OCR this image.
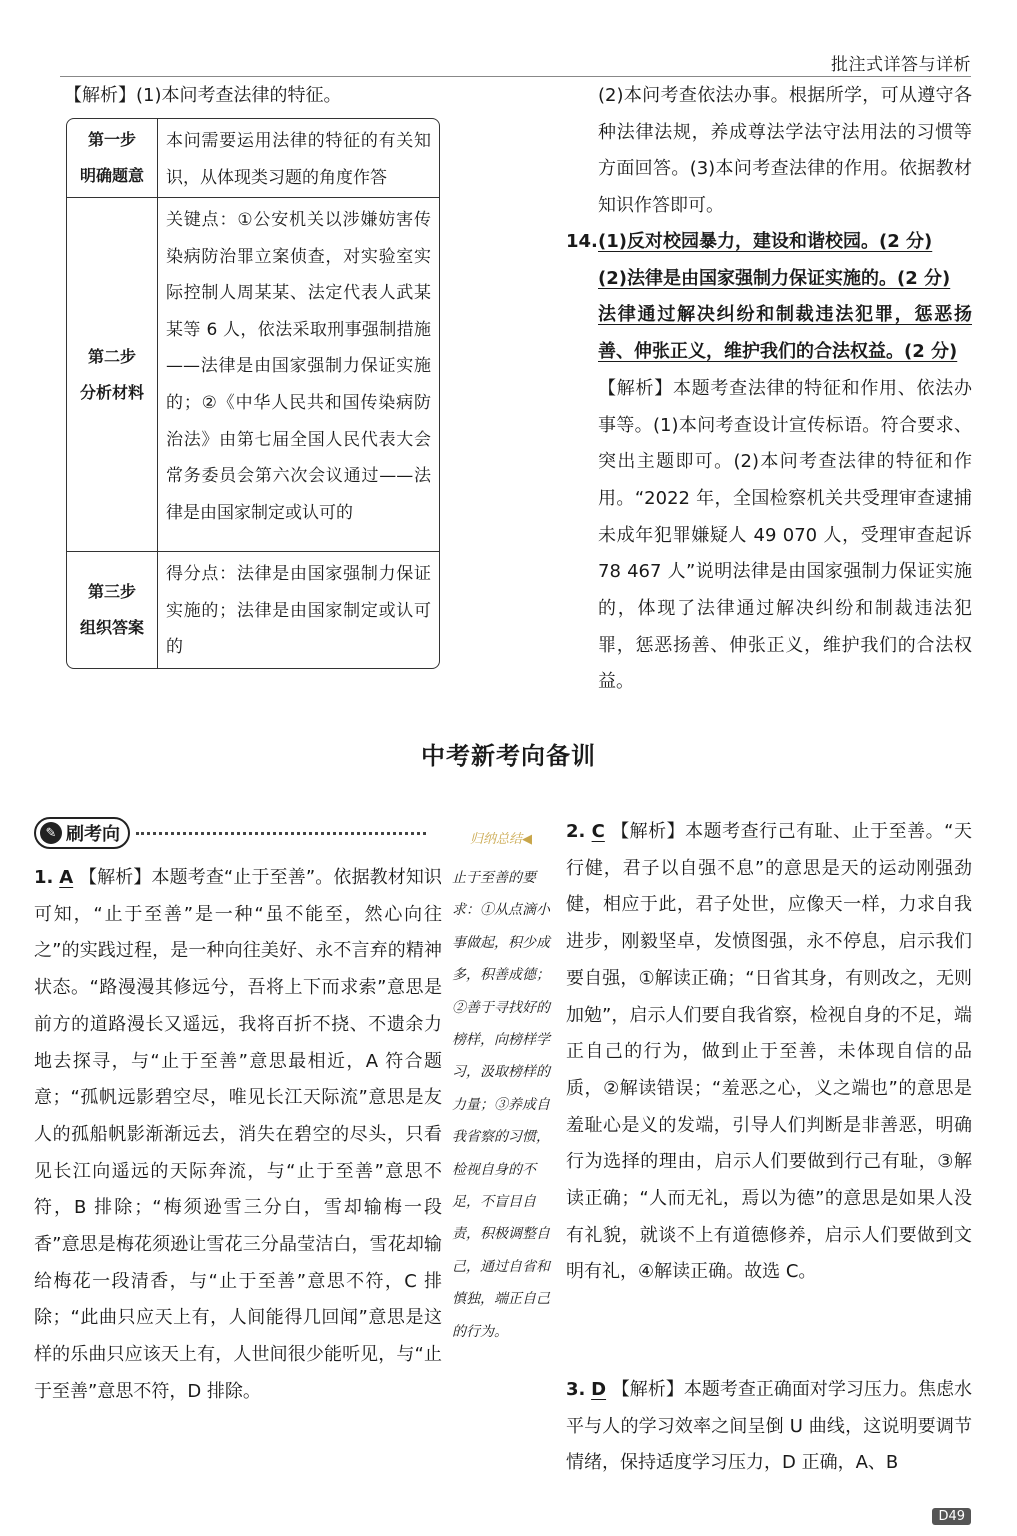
批注式详答与详析

【解析】(1)本问考查法律的特征。

第一步
明确题意
本问需要运用法律的特征的有关知识，从体现类习题的角度作答
第二步
分析材料
关键点：①公安机关以涉嫌妨害传染病防治罪立案侦查，对实验室实际控制人周某某、法定代表人武某某等 6 人，依法采取刑事强制措施——法律是由国家强制力保证实施的；②《中华人民共和国传染病防治法》由第七届全国人民代表大会常务委员会第六次会议通过——法律是由国家制定或认可的
第三步
组织答案
得分点：法律是由国家强制力保证实施的；法律是由国家制定或认可的

(2)本问考查依法办事。根据所学，可从遵守各种法律法规，养成尊法学法守法用法的习惯等方面回答。(3)本问考查法律的作用。依据教材知识作答即可。

14. (1)反对校园暴力，建设和谐校园。(2 分)
(2)法律是由国家强制力保证实施的。(2 分)
法律通过解决纠纷和制裁违法犯罪，惩恶扬善、伸张正义，维护我们的合法权益。(2 分)

【解析】本题考查法律的特征和作用、依法办事等。(1)本问考查设计宣传标语。符合要求、突出主题即可。(2)本问考查法律的特征和作用。“2022 年，全国检察机关共受理审查逮捕未成年犯罪嫌疑人 49 070 人，受理审查起诉 78 467 人”说明法律是由国家强制力保证实施的，体现了法律通过解决纠纷和制裁违法犯罪，惩恶扬善、伸张正义，维护我们的合法权益。

中考新考向备训
✎ 刷考向	归纳总结◀
止于至善的要求：①从点滴小事做起，积少成多，积善成德；②善于寻找好的榜样，向榜样学习，汲取榜样的力量；③养成自我省察的习惯，检视自身的不足，不盲目自责，积极调整自己，通过自省和慎独，端正自己的行为。

1. A 【解析】本题考查“止于至善”。依据教材知识可知，“止于至善”是一种“虽不能至，然心向往之”的实践过程，是一种向往美好、永不言弃的精神状态。“路漫漫其修远兮，吾将上下而求索”意思是前方的道路漫长又遥远，我将百折不挠、不遗余力地去探寻，与“止于至善”意思最相近，A 符合题意；“孤帆远影碧空尽，唯见长江天际流”意思是友人的孤船帆影渐渐远去，消失在碧空的尽头，只看见长江向遥远的天际奔流，与“止于至善”意思不符，B 排除；“梅须逊雪三分白，雪却输梅一段香”意思是梅花须逊让雪花三分晶莹洁白，雪花却输给梅花一段清香，与“止于至善”意思不符，C 排除；“此曲只应天上有，人间能得几回闻”意思是这样的乐曲只应该天上有，人世间很少能听见，与“止于至善”意思不符，D 排除。

2. C 【解析】本题考查行己有耻、止于至善。“天行健，君子以自强不息”的意思是天的运动刚强劲健，相应于此，君子处世，应像天一样，力求自我进步，刚毅坚卓，发愤图强，永不停息，启示我们要自强，①解读正确；“日省其身，有则改之，无则加勉”，启示人们要自我省察，检视自身的不足，端正自己的行为，做到止于至善，未体现自信的品质，②解读错误；“羞恶之心，义之端也”的意思是羞耻心是义的发端，引导人们判断是非善恶，明确行为选择的理由，启示人们要做到行己有耻，③解读正确；“人而无礼，焉以为德”的意思是如果人没有礼貌，就谈不上有道德修养，启示人们要做到文明有礼，④解读正确。故选 C。

3. D 【解析】本题考查正确面对学习压力。焦虑水平与人的学习效率之间呈倒 U 曲线，这说明要调节情绪，保持适度学习压力，D 正确，A、B

D49
